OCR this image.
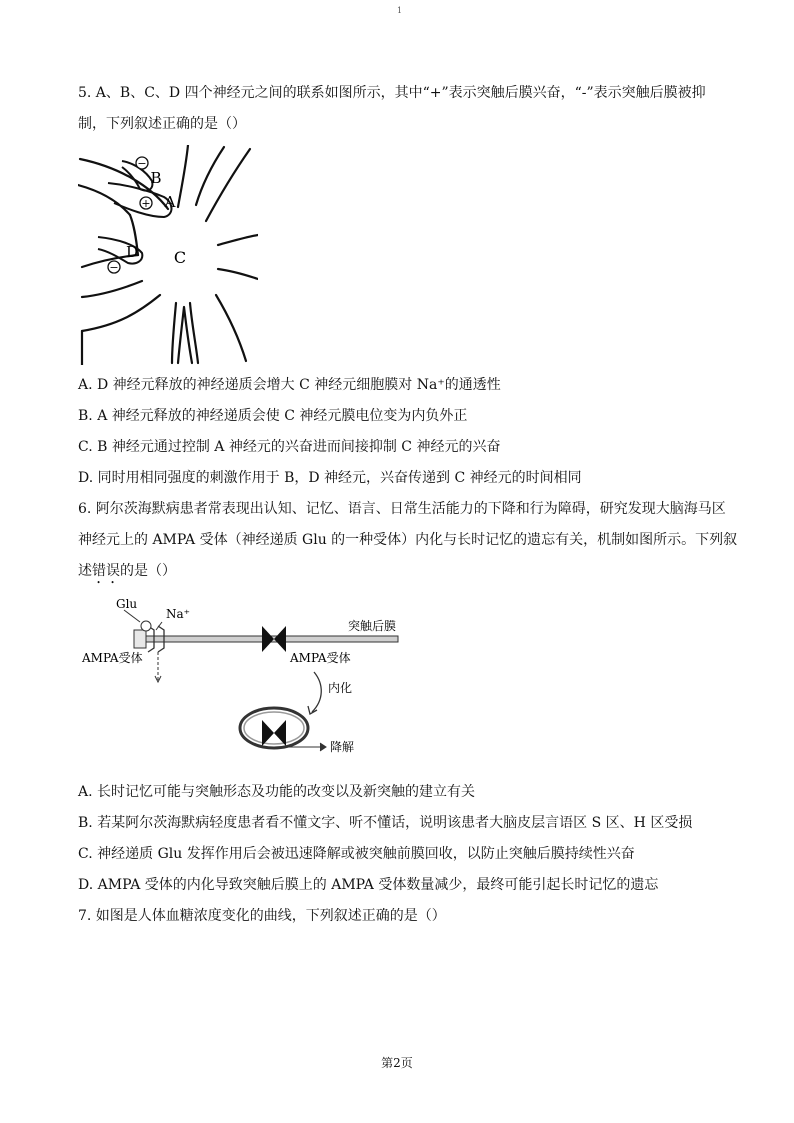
1
5. A、B、C、D 四个神经元之间的联系如图所示，其中“+”表示突触后膜兴奋，“-”表示突触后膜被抑
制，下列叙述正确的是（）
−
B
+ A
D
−
C
A. D 神经元释放的神经递质会增大 C 神经元细胞膜对 Na⁺的通透性
B. A 神经元释放的神经递质会使 C 神经元膜电位变为内负外正
C. B 神经元通过控制 A 神经元的兴奋进而间接抑制 C 神经元的兴奋
D. 同时用相同强度的刺激作用于 B，D 神经元，兴奋传递到 C 神经元的时间相同
6. 阿尔茨海默病患者常表现出认知、记忆、语言、日常生活能力的下降和行为障碍，研究发现大脑海马区
神经元上的 AMPA 受体（神经递质 Glu 的一种受体）内化与长时记忆的遗忘有关，机制如图所示。下列叙
述错误的是（）
Glu
Na⁺
AMPA受体
突触后膜
AMPA受体
内化
降解
A. 长时记忆可能与突触形态及功能的改变以及新突触的建立有关
B. 若某阿尔茨海默病轻度患者看不懂文字、听不懂话，说明该患者大脑皮层言语区 S 区、H 区受损
C. 神经递质 Glu 发挥作用后会被迅速降解或被突触前膜回收，以防止突触后膜持续性兴奋
D. AMPA 受体的内化导致突触后膜上的 AMPA 受体数量减少，最终可能引起长时记忆的遗忘
7. 如图是人体血糖浓度变化的曲线，下列叙述正确的是（）
第2页
